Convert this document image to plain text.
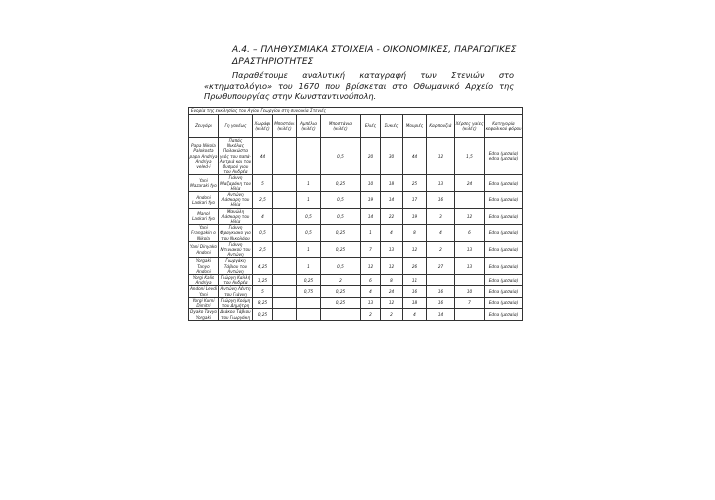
Α.4. – ΠΛΗΘΥΣΜΙΑΚΑ ΣΤΟΙΧΕΙΑ - ΟΙΚΟΝΟΜΙΚΕΣ, ΠΑΡΑΓΩΓΙΚΕΣ ΔΡΑΣΤΗΡΙΟΤΗΤΕΣ
Παραθέτουμε αναλυτική καταγραφή των Στενιών στο «κτηματολόγιο» του 1670 που βρίσκεται στο Οθωμανικό Αρχείο της Πρωθυπουργίας στην Κωνσταντινούπολη.
Ενορία της εκκλησίας του Αγίου Γεωργίου στη συνοικία Στενιές											
Ζευγάρι	Γη γονέως	Χωράφι (κιλές)	Μποστάνι (κιλές)	Αμπέλια (κιλές)	Μποστάνια (κιλές)	Ελιές	Συκιές	Μουριές	Καρπουζιά	Χέρσες γαίες (κιλές)	Κατηγορία κεφαλικού φόρου
Papa Nikola Palokosta papa Andriya Andriya veled-i	Παπάς Νικόλας Παλακώστα γιός του παπά-Αντριά και του δυσμού γιου του Ανδρέα	44			0,5	20	30	44	12	1,5	Edna (μεσαία) edna (μεσαία)
Yani Mazaraki fyo	Γιάννη Μαζαράκη του Ηλία	5		1	0,25	10	18	25	13	24	Edna (μεσαία)
Andoni Laskari fyo	Αντώνη Λάσκαρη του Ηλία	2,5		1	0,5	19	14	17	16		Edna (μεσαία)
Manol Laskari fyo	Μανώλη Λάσκαρη του Ηλία	4		0,5	0,5	14	22	19	3	12	Edna (μεσαία)
Yani Frangakin o Nikola	Γιάννη Φραγκιακο γιο του Νικολάου	0,5		0,5	0,25	1	4	8	4	6	Edna (μεσαία)
Yani Dinyako Andoni	Γιάννη Ντινιακού του Αντώνη	2,5		1	0,25	7	13	12	2	13	Edna (μεσαία)
Yorgaki Tanyo Andoni	Γιωργάκη Τάβιου του Αντώνη	4,25		1	0,5	12	12	26	27	13	Edna (μεσαία)
Yorgi Kalis Andriya	Γιώργη Καλλή του Ανδρέα	1,25		0,25	2	6	8	11			Edna (μεσαία)
Andoni Levdi Yani	Αντώνη Λέντη του Γιάννη	5		0,75	0,25	4	24	16	16	10	Edna (μεσαία)
Yorgi Kumi Dimitri	Γιώργη Κούμη του Δημήτρη	8,25			0,25	13	12	18	16	7	Edna (μεσαία)
Dyako Tavyo Yorgaki	Διάκου Τάβιου του Γιωργάκη	0,25				2	2	4	14		Edna (μεσαία)
